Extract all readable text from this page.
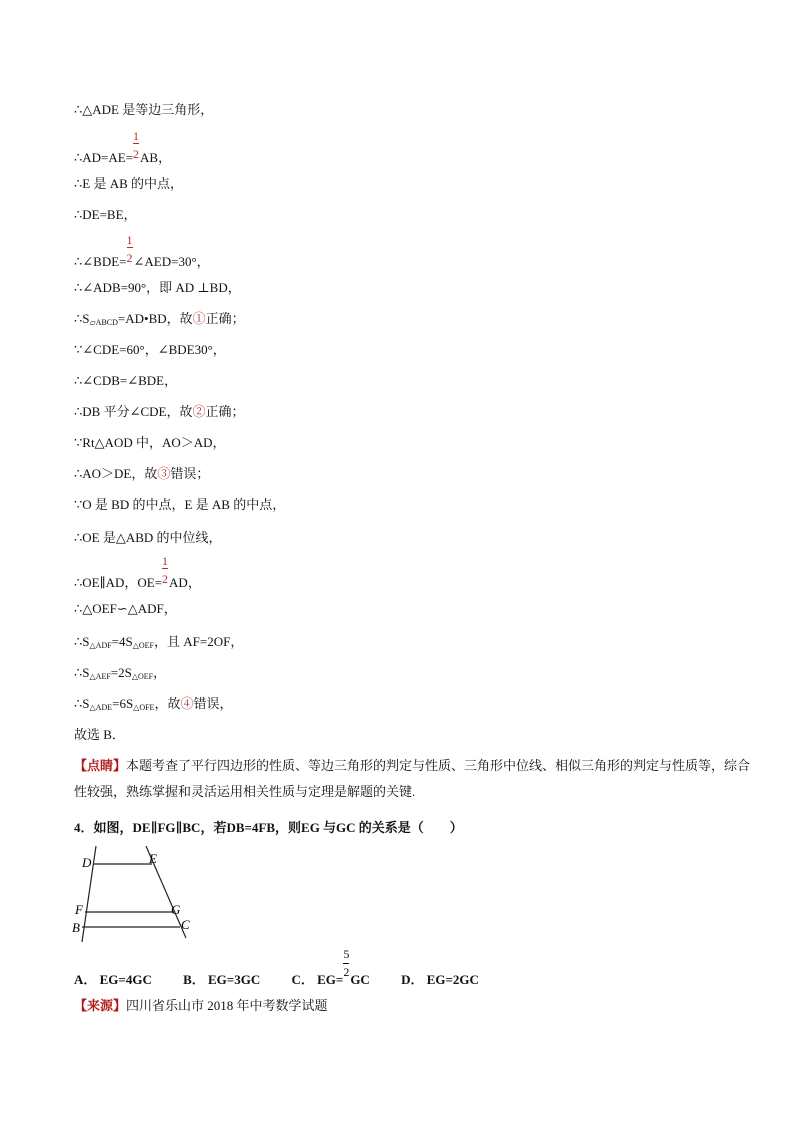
∴△ADE 是等边三角形，
∴AD=AE= $\frac{1}{2}$ AB，
∴E 是 AB 的中点，
∴DE=BE，
∴∠BDE= $\frac{1}{2}$ ∠AED=30°，
∴∠ADB=90°，即 AD ⊥BD，
$\therefore S_{▱ABCD}=AD•BD$，故①正确；
∵∠CDE=60°，∠BDE30°，
∴∠CDB=∠BDE，
∴DB 平分∠CDE，故②正确；
∵Rt△AOD 中，AO＞AD，
∴AO＞DE，故③错误；
∵O 是 BD 的中点，E 是 AB 的中点，
∴OE 是△ABD 的中位线，
∴OE∥AD，$OE= \frac{1}{2}$ AD，
∴△OEF∽△ADF，
$\therefore S_{\triangle ADF}=4S_{\triangle OEF}$，且 AF=2OF，
$\therefore S_{\triangle AEF}=2S_{\triangle OEF}$，
$\therefore S_{\triangle ADE}=6S_{\triangle OFE}$，故④错误，
故选 B．
【点睛】本题考查了平行四边形的性质、等边三角形的判定与性质、三角形中位线、相似三角形的判定与性质等，综合性较强，熟练掌握和灵活运用相关性质与定理是解题的关键.
4．如图，DE∥FG∥BC，若DB=4FB，则EG 与GC 的关系是（　　）
D	E
F	G
B	C
A． EG=4GC B． EG=3GC C． $EG= \frac{5}{2}$ GC D． EG=2GC
【来源】四川省乐山市 2018 年中考数学试题
